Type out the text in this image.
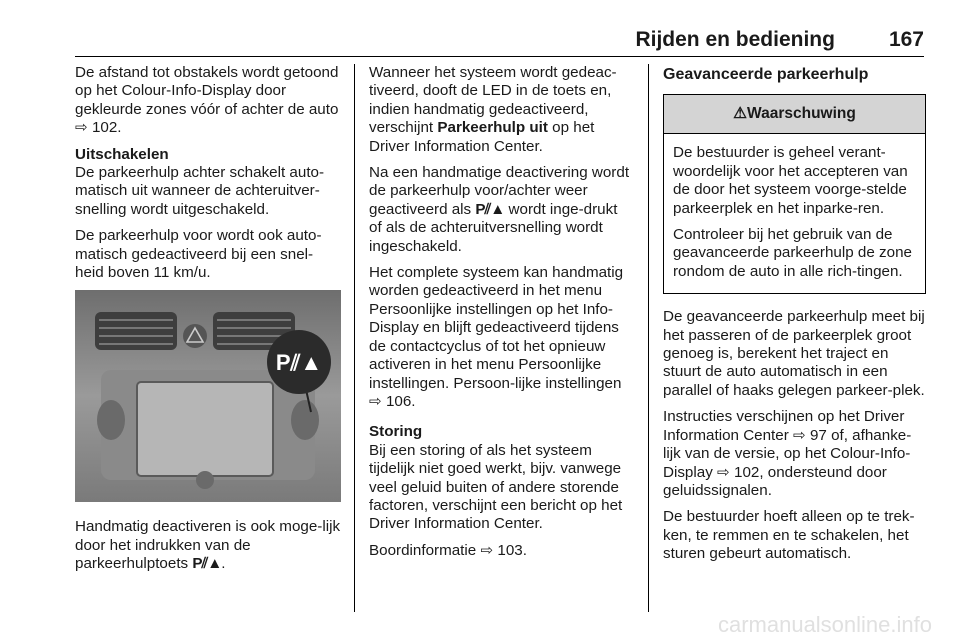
Rijden en bediening	167

De afstand tot obstakels wordt getoond op het Colour-Info-Display door gekleurde zones vóór of achter de auto ⇨ 102.

Uitschakelen

De parkeerhulp achter schakelt auto-matisch uit wanneer de achteruitver-snelling wordt uitgeschakeld.

De parkeerhulp voor wordt ook auto-matisch gedeactiveerd bij een snel-heid boven 11 km/u.

P⫽▲

Handmatig deactiveren is ook moge-lijk door het indrukken van de parkeerhulptoets P⫽▲.

Wanneer het systeem wordt gedeac-tiveerd, dooft de LED in de toets en, indien handmatig gedeactiveerd, verschijnt Parkeerhulp uit op het Driver Information Center.

Na een handmatige deactivering wordt de parkeerhulp voor/achter weer geactiveerd als P⫽▲ wordt inge-drukt of als de achteruitversnelling wordt ingeschakeld.

Het complete systeem kan handmatig worden gedeactiveerd in het menu Persoonlijke instellingen op het Info-Display en blijft gedeactiveerd tijdens de contactcyclus of tot het opnieuw activeren in het menu Persoonlijke instellingen. Persoon-lijke instellingen ⇨ 106.

Storing

Bij een storing of als het systeem tijdelijk niet goed werkt, bijv. vanwege veel geluid buiten of andere storende factoren, verschijnt een bericht op het Driver Information Center.

Boordinformatie ⇨ 103.

Geavanceerde parkeerhulp
⚠ Waarschuwing

De bestuurder is geheel verant-woordelijk voor het accepteren van de door het systeem voorge-stelde parkeerplek en het inparke-ren.

Controleer bij het gebruik van de geavanceerde parkeerhulp de zone rondom de auto in alle rich-tingen.

De geavanceerde parkeerhulp meet bij het passeren of de parkeerplek groot genoeg is, berekent het traject en stuurt de auto automatisch in een parallel of haaks gelegen parkeer-plek.

Instructies verschijnen op het Driver Information Center ⇨ 97 of, afhanke-lijk van de versie, op het Colour-Info-Display ⇨ 102, ondersteund door geluidssignalen.

De bestuurder hoeft alleen op te trek-ken, te remmen en te schakelen, het sturen gebeurt automatisch.

carmanualsonline.info
